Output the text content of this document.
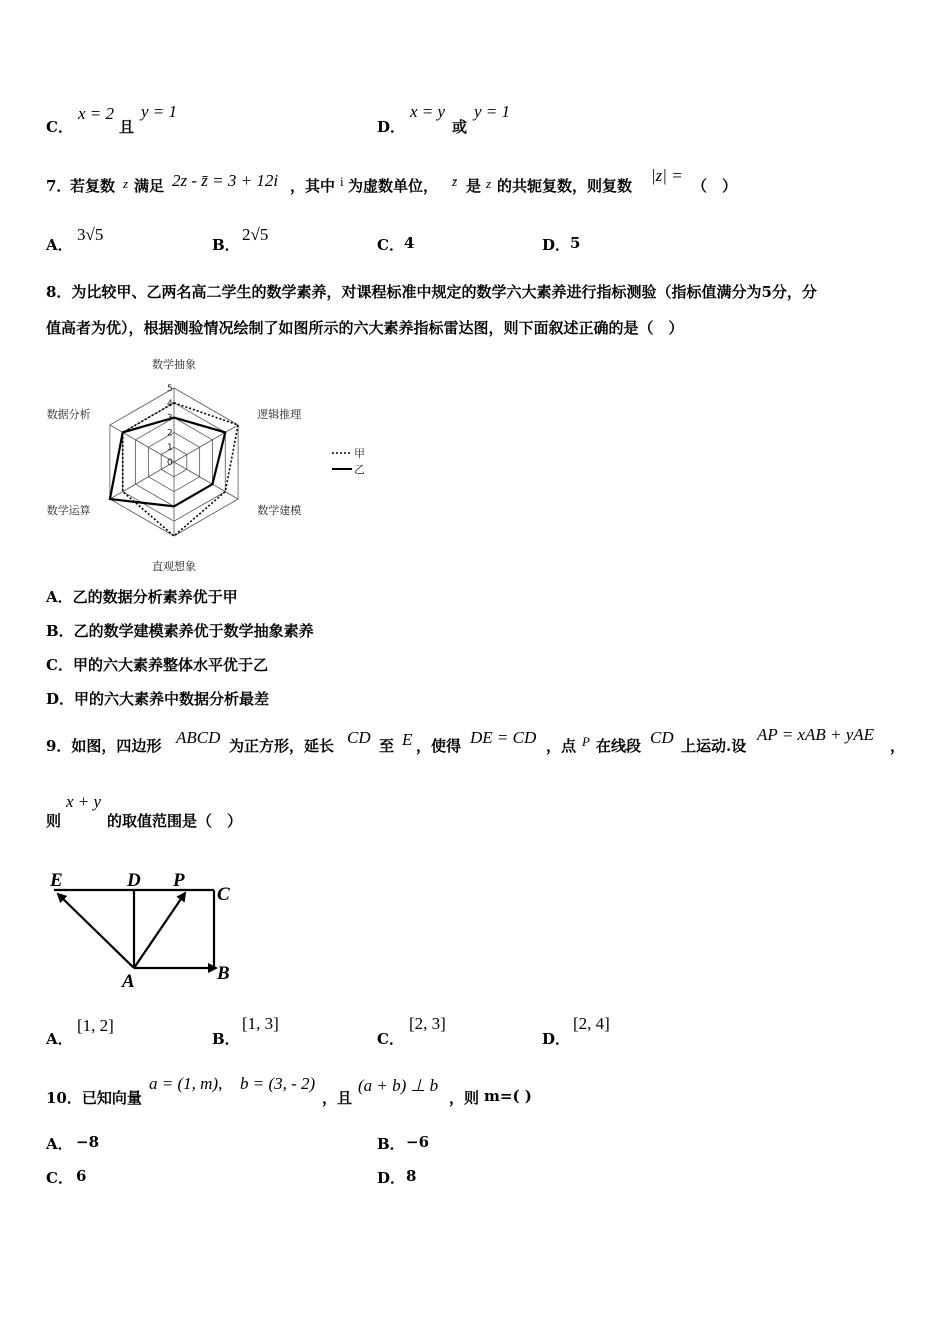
C．
x = 2
且
y = 1
D．
x = y
或
y = 1
7．
若复数 z 满足 2z - z̄ = 3 + 12i ，其中 i 为虚数单位， z̄ 是 z 的共轭复数，则复数
|z| =
（　）
A．
3√5
B．
2√5
C． 4	D． 5
8．为比较甲、乙两名高二学生的数学素养，对课程标准中规定的数学六大素养进行指标测验（指标值满分为5分，分
值高者为优），根据测验情况绘制了如图所示的六大素养指标雷达图，则下面叙述正确的是（　）
0
1
2
3
4
5
数学抽象
逻辑推理
数学建模
直观想象
数学运算
数据分析
甲
乙
A．乙的数据分析素养优于甲
B．乙的数学建模素养优于数学抽象素养
C．甲的六大素养整体水平优于乙
D．甲的六大素养中数据分析最差
9．如图，四边形 ABCD 为正方形，延长 CD 至 E ，使得 DE = CD ，点 P 在线段 CD 上运动.设
AP = xAB + yAE
，
则
x + y
的取值范围是（　）
E	D P
C
A	B
A．
[1, 2]
B．
[1, 3]
C．
[2, 3]
D．
[2, 4]
10．已知向量
a = (1, m), b = (3, - 2)
，且
(a + b) ⊥ b
，则 m=( )
A． −8	B． −6
C． 6	D． 8
